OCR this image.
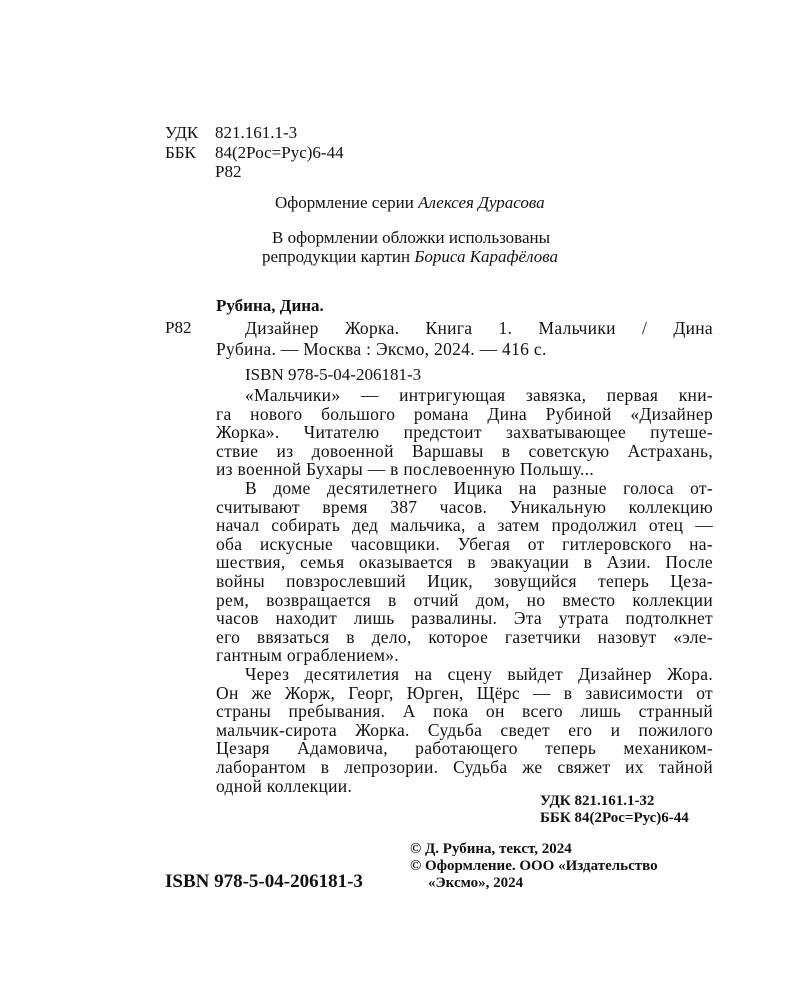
УДК 821.161.1-3
ББК 84(2Рос=Рус)6-44
Р82
Оформление серии Алексея Дурасова
В оформлении обложки использованы
репродукции картин Бориса Карафёлова
Рубина, Дина.
Р82	Дизайнер Жорка. Книга 1. Мальчики / Дина
Рубина. — Москва : Эксмо, 2024. — 416 с.
ISBN 978-5-04-206181-3
«Мальчики» — интригующая завязка, первая кни-
га нового большого романа Дина Рубиной «Дизайнер
Жорка». Читателю предстоит захватывающее путеше-
ствие из довоенной Варшавы в советскую Астрахань,
из военной Бухары — в послевоенную Польшу...
В доме десятилетнего Ицика на разные голоса от-
считывают время 387 часов. Уникальную коллекцию
начал собирать дед мальчика, а затем продолжил отец —
оба искусные часовщики. Убегая от гитлеровского на-
шествия, семья оказывается в эвакуации в Азии. После
войны повзрослевший Ицик, зовущийся теперь Цеза-
рем, возвращается в отчий дом, но вместо коллекции
часов находит лишь развалины. Эта утрата подтолкнет
его ввязаться в дело, которое газетчики назовут «эле-
гантным ограблением».
Через десятилетия на сцену выйдет Дизайнер Жора.
Он же Жорж, Георг, Юрген, Щёрс — в зависимости от
страны пребывания. А пока он всего лишь странный
мальчик-сирота Жорка. Судьба сведет его и пожилого
Цезаря Адамовича, работающего теперь механиком-
лаборантом в лепрозории. Судьба же свяжет их тайной
одной коллекции.
УДК 821.161.1-32
ББК 84(2Рос=Рус)6-44
© Д. Рубина, текст, 2024
© Оформление. ООО «Издательство
«Эксмо», 2024
ISBN 978-5-04-206181-3
